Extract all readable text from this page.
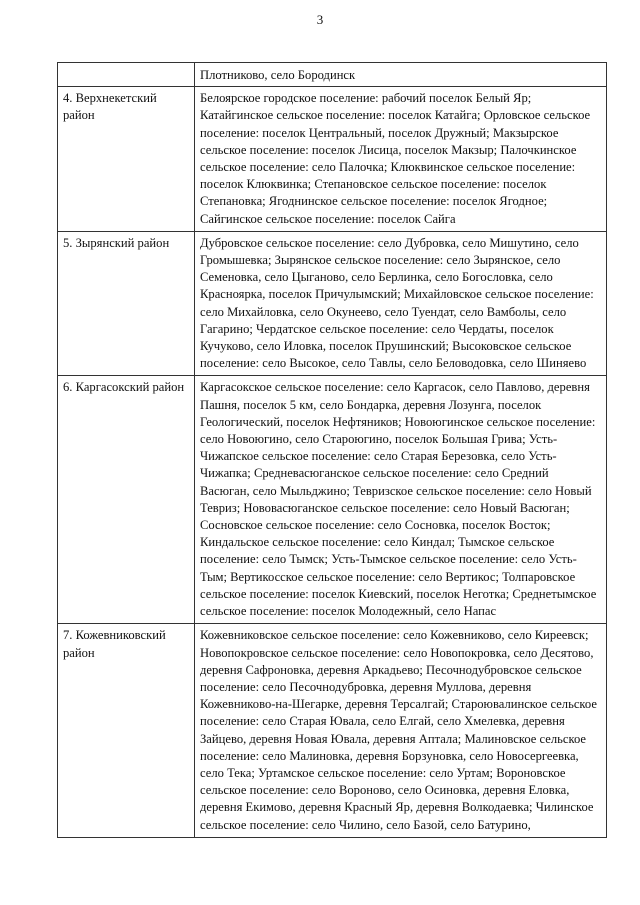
3
	Плотниково, село Бородинск
4. Верхнекетский район	Белоярское городское поселение: рабочий поселок Белый Яр; Катайгинское сельское поселение: поселок Катайга; Орловское сельское поселение: поселок Центральный, поселок Дружный; Макзырское сельское поселение: поселок Лисица, поселок Макзыр; Палочкинское сельское поселение: село Палочка; Клюквинское сельское поселение: поселок Клюквинка; Степановское сельское поселение: поселок Степановка; Ягоднинское сельское поселение: поселок Ягодное; Сайгинское сельское поселение: поселок Сайга
5. Зырянский район	Дубровское сельское поселение: село Дубровка, село Мишутино, село Громышевка; Зырянское сельское поселение: село Зырянское, село Семеновка, село Цыганово, село Берлинка, село Богословка, село Красноярка, поселок Причулымский; Михайловское сельское поселение: село Михайловка, село Окунеево, село Туендат, село Вамболы, село Гагарино; Чердатское сельское поселение: село Чердаты, поселок Кучуково, село Иловка, поселок Прушинский; Высоковское сельское поселение: село Высокое, село Тавлы, село Беловодовка, село Шиняево
6. Каргасокский район	Каргасокское сельское поселение: село Каргасок, село Павлово, деревня Пашня, поселок 5 км, село Бондарка, деревня Лозунга, поселок Геологический, поселок Нефтяников; Новоюгинское сельское поселение: село Новоюгино, село Староюгино, поселок Большая Грива; Усть-Чижапское сельское поселение: село Старая Березовка, село Усть-Чижапка; Средневасюганское сельское поселение: село Средний Васюган, село Мыльджино; Тевризское сельское поселение: село Новый Тевриз; Нововасюганское сельское поселение: село Новый Васюган; Сосновское сельское поселение: село Сосновка, поселок Восток; Киндальское сельское поселение: село Киндал; Тымское сельское поселение: село Тымск; Усть-Тымское сельское поселение: село Усть-Тым; Вертикосское сельское поселение: село Вертикос; Толпаровское сельское поселение: поселок Киевский, поселок Неготка; Среднетымское сельское поселение: поселок Молодежный, село Напас
7. Кожевниковский район	Кожевниковское сельское поселение: село Кожевниково, село Киреевск; Новопокровское сельское поселение: село Новопокровка, село Десятово, деревня Сафроновка, деревня Аркадьево; Песочнодубровское сельское поселение: село Песочнодубровка, деревня Муллова, деревня Кожевниково-на-Шегарке, деревня Терсалгай; Староювалинское сельское поселение: село Старая Ювала, село Елгай, село Хмелевка, деревня Зайцево, деревня Новая Ювала, деревня Аптала; Малиновское сельское поселение: село Малиновка, деревня Борзуновка, село Новосергеевка, село Тека; Уртамское сельское поселение: село Уртам; Вороновское сельское поселение: село Вороново, село Осиновка, деревня Еловка, деревня Екимово, деревня Красный Яр, деревня Волкодаевка; Чилинское сельское поселение: село Чилино, село Базой, село Батурино,
